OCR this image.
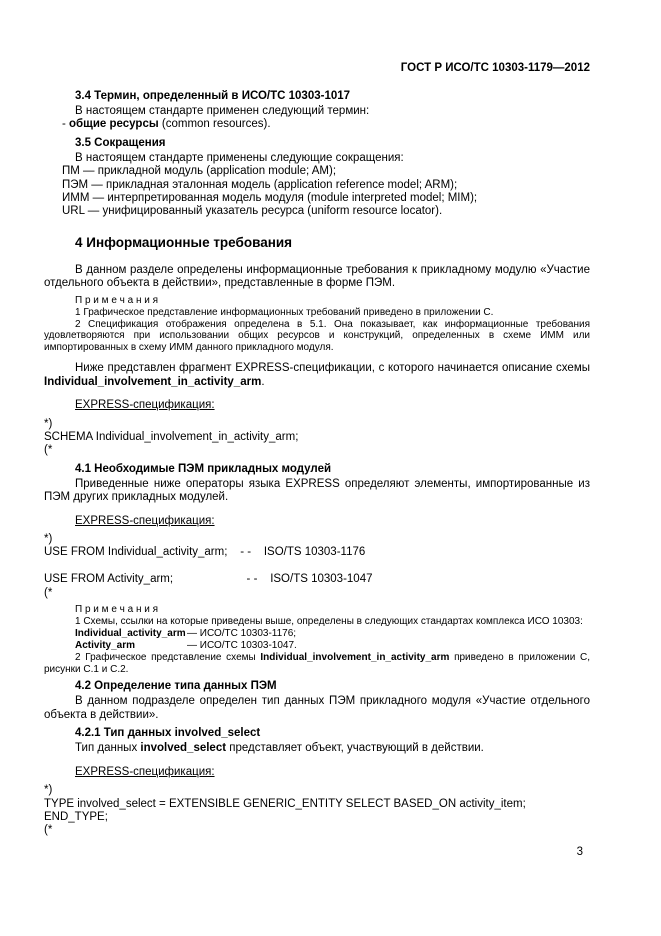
ГОСТ Р ИСО/ТС 10303-1179—2012
3.4 Термин, определенный в ИСО/ТС 10303-1017

В настоящем стандарте применен следующий термин:

- общие ресурсы (common resources).

3.5 Сокращения

В настоящем стандарте применены следующие сокращения:

ПМ — прикладной модуль (application module; AM);

ПЭМ — прикладная эталонная модель (application reference model; ARM);

ИММ — интерпретированная модель модуля (module interpreted model; MIM);

URL — унифицированный указатель ресурса (uniform resource locator).

4 Информационные требования

В данном разделе определены информационные требования к прикладному модулю «Участие отдельного объекта в действии», представленные в форме ПЭМ.

П р и м е ч а н и я

1 Графическое представление информационных требований приведено в приложении С.

2 Спецификация отображения определена в 5.1. Она показывает, как информационные требования удовлетворяются при использовании общих ресурсов и конструкций, определенных в схеме ИММ или импортированных в схему ИММ данного прикладного модуля.

Ниже представлен фрагмент EXPRESS-спецификации, с которого начинается описание схемы Individual_involvement_in_activity_arm.

EXPRESS-спецификация:
*)
SCHEMA Individual_involvement_in_activity_arm;
(*
4.1 Необходимые ПЭМ прикладных модулей

Приведенные ниже операторы языка EXPRESS определяют элементы, импортированные из ПЭМ других прикладных модулей.

EXPRESS-спецификация:
*)
USE FROM Individual_activity_arm;    - -    ISO/TS 10303-1176
USE FROM Activity_arm;                       - -    ISO/TS 10303-1047
(*
П р и м е ч а н и я

1 Схемы, ссылки на которые приведены выше, определены в следующих стандартах комплекса ИСО 10303:

Individual_activity_arm— ИСО/ТС 10303-1176;

Activity_arm	— ИСО/ТС 10303-1047.

2 Графическое представление схемы Individual_involvement_in_activity_arm приведено в приложении С, рисунки С.1 и С.2.

4.2 Определение типа данных ПЭМ

В данном подразделе определен тип данных ПЭМ прикладного модуля «Участие отдельного объекта в действии».

4.2.1 Тип данных involved_select

Тип данных involved_select представляет объект, участвующий в действии.

EXPRESS-спецификация:
*)
TYPE involved_select = EXTENSIBLE GENERIC_ENTITY SELECT BASED_ON activity_item;
END_TYPE;
(*
3
